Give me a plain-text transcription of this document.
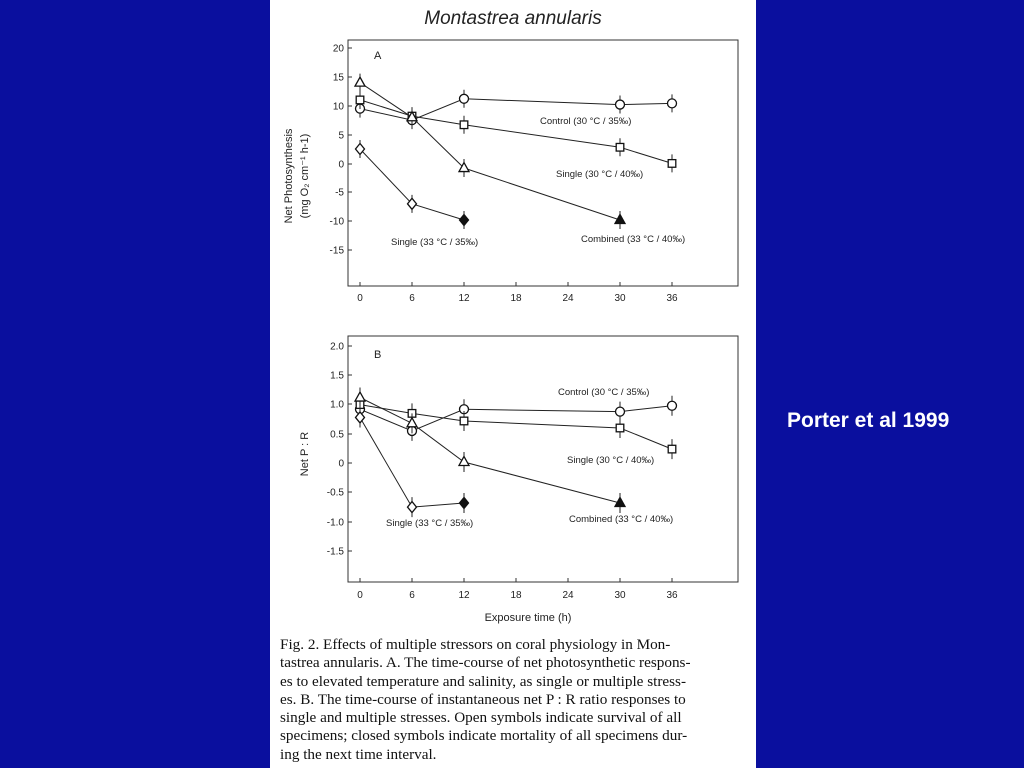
Montastrea annularis
20
15
10
5
0
-5
-10
-15
0	6	12	18	24	30	36
A
Net Photosynthesis (mg O₂ cm⁻¹ h-1)
Control (30 °C / 35‰)
Single (30 °C / 40‰)
Combined (33 °C / 40‰)
Single (33 °C / 35‰)
2.0
1.5
1.0
0.5
0
-0.5
-1.0
-1.5
0	6	12	18	24	30	36
B
Net P : R
Exposure time (h)
Control (30 °C / 35‰)
Single (30 °C / 40‰)
Combined (33 °C / 40‰)
Single (33 °C / 35‰)
Fig. 2. Effects of multiple stressors on coral physiology in Mon-
tastrea annularis. A. The time-course of net photosynthetic respons-
es to elevated temperature and salinity, as single or multiple stress-
es. B. The time-course of instantaneous net P : R ratio responses to
single and multiple stresses. Open symbols indicate survival of all
specimens; closed symbols indicate mortality of all specimens dur-
ing the next time interval.
Porter et al 1999
